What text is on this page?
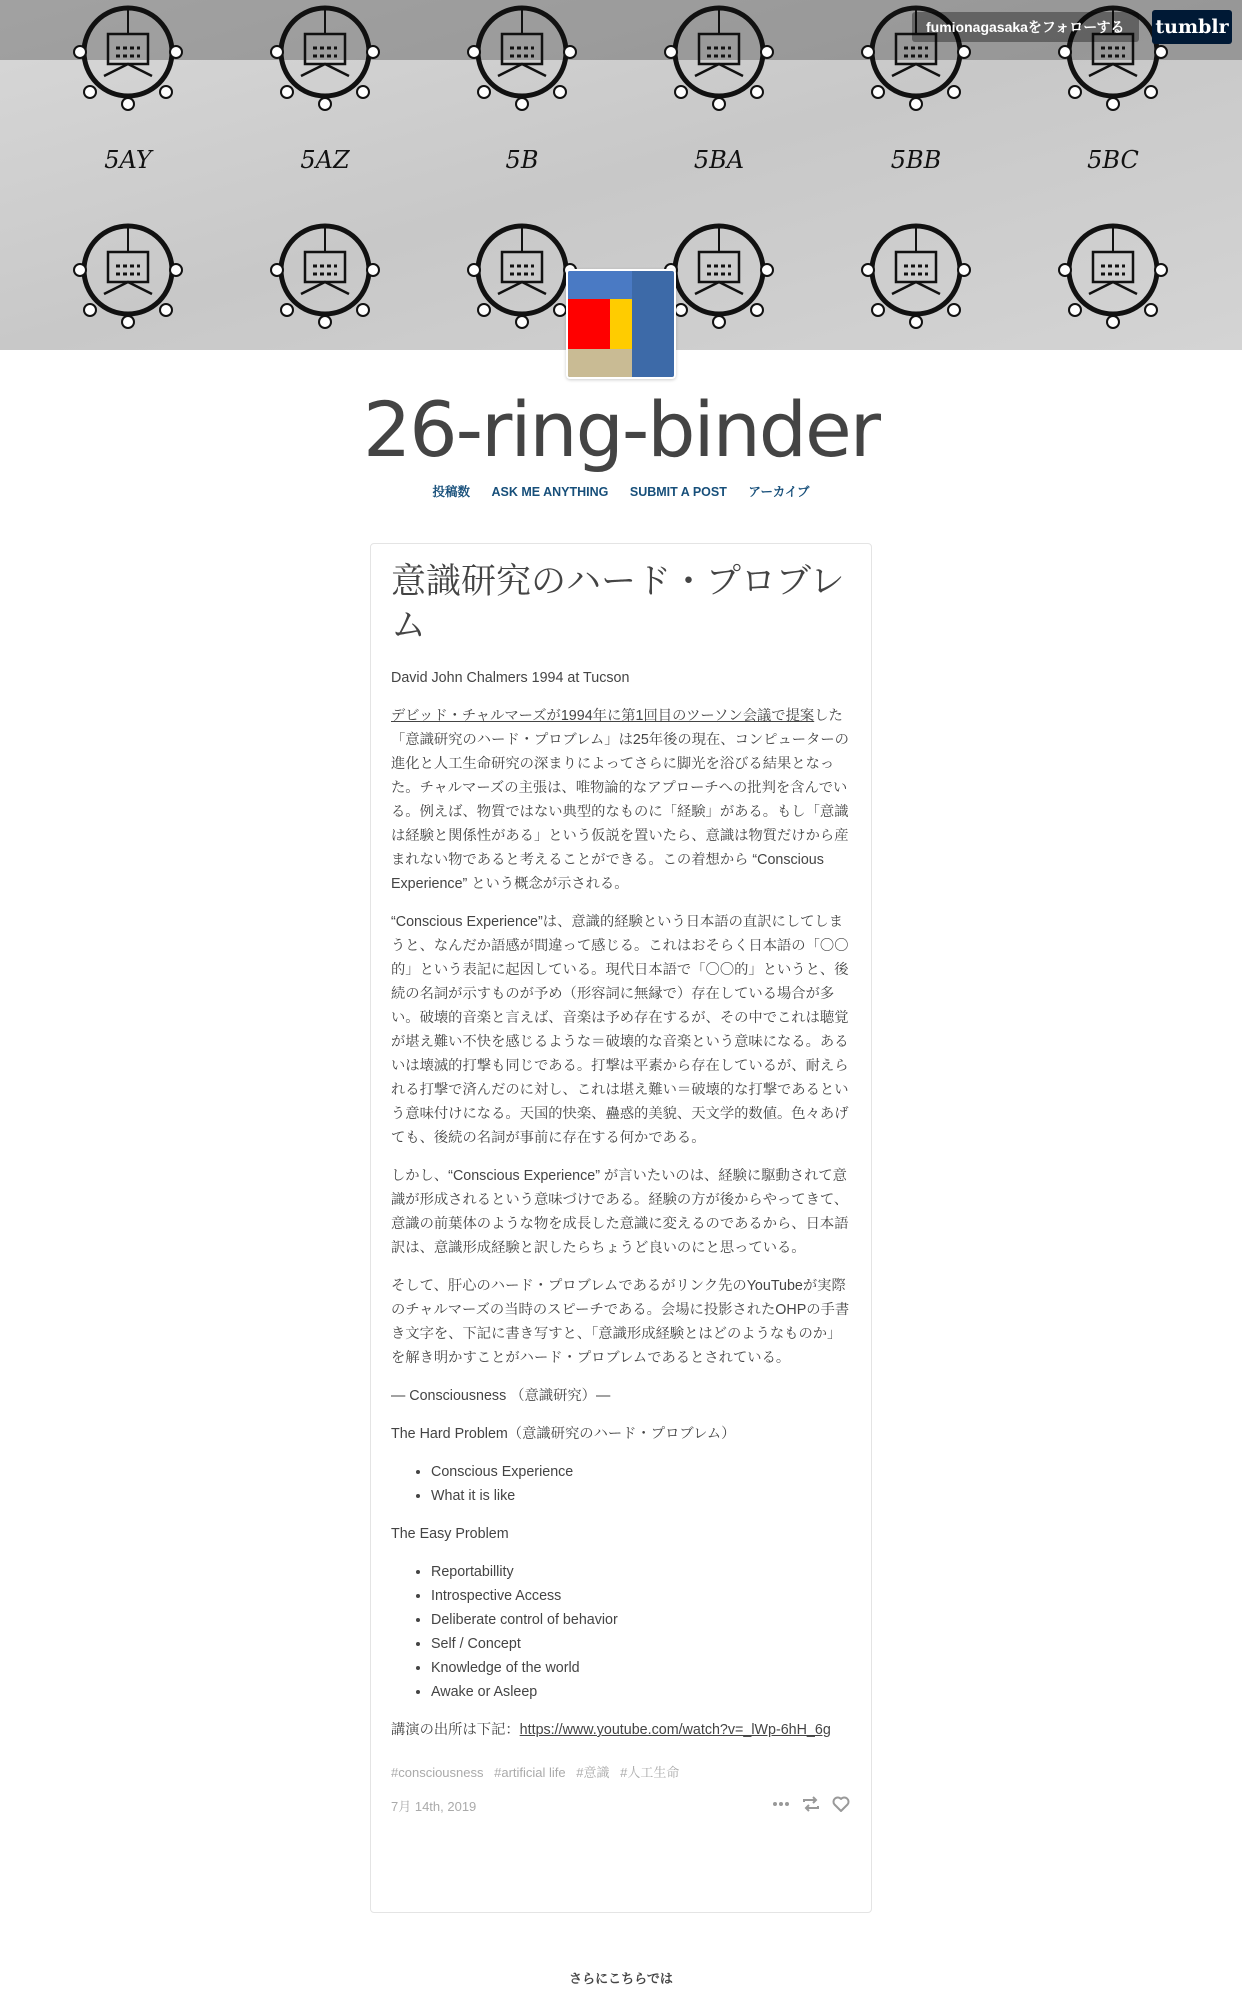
5AY	5AZ	5B	5BA	5BB	5BC
fumionagasakaをフォローする	tumblr
26-ring-binder
投稿数 ASK ME ANYTHING SUBMIT A POST アーカイブ
意識研究のハード・プロブレム

David John Chalmers 1994 at Tucson

デビッド・チャルマーズが1994年に第1回目のツーソン会議で提案した「意識研究のハード・プロブレム」は25年後の現在、コンピューターの進化と人工生命研究の深まりによってさらに脚光を浴びる結果となった。チャルマーズの主張は、唯物論的なアプローチへの批判を含んでいる。例えば、物質ではない典型的なものに「経験」がある。もし「意識は経験と関係性がある」という仮説を置いたら、意識は物質だけから産まれない物であると考えることができる。この着想から “Conscious Experience” という概念が示される。

“Conscious Experience”は、意識的経験という日本語の直訳にしてしまうと、なんだか語感が間違って感じる。これはおそらく日本語の「〇〇的」という表記に起因している。現代日本語で「〇〇的」というと、後続の名詞が示すものが予め（形容詞に無縁で）存在している場合が多い。破壊的音楽と言えば、音楽は予め存在するが、その中でこれは聴覚が堪え難い不快を感じるような＝破壊的な音楽という意味になる。あるいは壊滅的打撃も同じである。打撃は平素から存在しているが、耐えられる打撃で済んだのに対し、これは堪え難い＝破壊的な打撃であるという意味付けになる。天国的快楽、蠱惑的美貌、天文学的数値。色々あげても、後続の名詞が事前に存在する何かである。

しかし、“Conscious Experience” が言いたいのは、経験に駆動されて意識が形成されるという意味づけである。経験の方が後からやってきて、意識の前葉体のような物を成長した意識に変えるのであるから、日本語訳は、意識形成経験と訳したらちょうど良いのにと思っている。

そして、肝心のハード・プロブレムであるがリンク先のYouTubeが実際のチャルマーズの当時のスピーチである。会場に投影されたOHPの手書き文字を、下記に書き写すと、「意識形成経験とはどのようなものか」を解き明かすことがハード・プロブレムであるとされている。

— Consciousness （意識研究）—

The Hard Problem（意識研究のハード・プロブレム）

• Conscious Experience
• What it is like

The Easy Problem

• Reportabillity
• Introspective Access
• Deliberate control of behavior
• Self / Concept
• Knowledge of the world
• Awake or Asleep

講演の出所は下記：https://www.youtube.com/watch?v=_lWp-6hH_6g

#consciousness #artificial life #意識 #人工生命
7月 14th, 2019
さらにこちらでは
